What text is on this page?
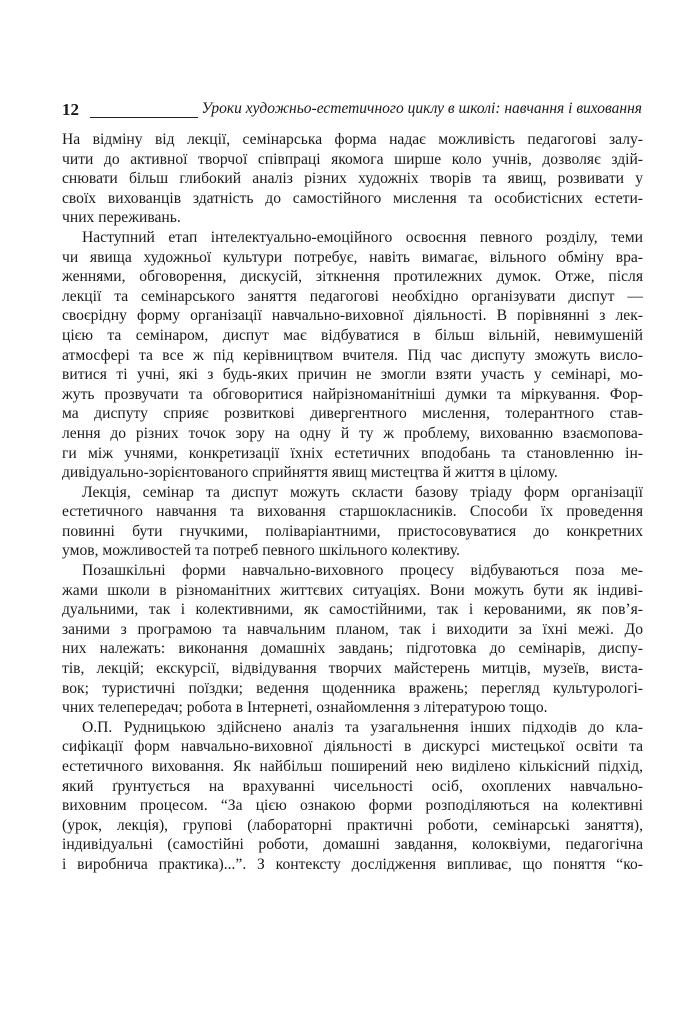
12	Уроки художньо-естетичного циклу в школі: навчання і виховання
На відміну від лекції, семінарська форма надає можливість педагогові залу-
чити до активної творчої співпраці якомога ширше коло учнів, дозволяє здій-
снювати більш глибокий аналіз різних художніх творів та явищ, розвивати у
своїх вихованців здатність до самостійного мислення та особистісних естети-
чних переживань.
Наступний етап інтелектуально-емоційного освоєння певного розділу, теми
чи явища художньої культури потребує, навіть вимагає, вільного обміну вра-
женнями, обговорення, дискусій, зіткнення протилежних думок. Отже, після
лекції та семінарського заняття педагогові необхідно організувати диспут —
своєрідну форму організації навчально-виховної діяльності. В порівнянні з лек-
цією та семінаром, диспут має відбуватися в більш вільній, невимушеній
атмосфері та все ж під керівництвом вчителя. Під час диспуту зможуть висло-
витися ті учні, які з будь-яких причин не змогли взяти участь у семінарі, мо-
жуть прозвучати та обговоритися найрізноманітніші думки та міркування. Фор-
ма диспуту сприяє розвиткові дивергентного мислення, толерантного став-
лення до різних точок зору на одну й ту ж проблему, вихованню взаємопова-
ги між учнями, конкретизації їхніх естетичних вподобань та становленню ін-
дивідуально-зорієнтованого сприйняття явищ мистецтва й життя в цілому.
Лекція, семінар та диспут можуть скласти базову тріаду форм організації
естетичного навчання та виховання старшокласників. Способи їх проведення
повинні бути гнучкими, поліваріантними, пристосовуватися до конкретних
умов, можливостей та потреб певного шкільного колективу.
Позашкільні форми навчально-виховного процесу відбуваються поза ме-
жами школи в різноманітних життєвих ситуаціях. Вони можуть бути як індиві-
дуальними, так і колективними, як самостійними, так і керованими, як пов’я-
заними з програмою та навчальним планом, так і виходити за їхні межі. До
них належать: виконання домашніх завдань; підготовка до семінарів, диспу-
тів, лекцій; екскурсії, відвідування творчих майстерень митців, музеїв, виста-
вок; туристичні поїздки; ведення щоденника вражень; перегляд культурологі-
чних телепередач; робота в Інтернеті, ознайомлення з літературою тощо.
О.П. Рудницькою здійснено аналіз та узагальнення інших підходів до кла-
сифікації форм навчально-виховної діяльності в дискурсі мистецької освіти та
естетичного виховання. Як найбільш поширений нею виділено кількісний підхід,
який ґрунтується на врахуванні чисельності осіб, охоплених навчально-
виховним процесом. “За цією ознакою форми розподіляються на колективні
(урок, лекція), групові (лабораторні практичні роботи, семінарські заняття),
індивідуальні (самостійні роботи, домашні завдання, колоквіуми, педагогічна
і виробнича практика)...”. З контексту дослідження випливає, що поняття “ко-
